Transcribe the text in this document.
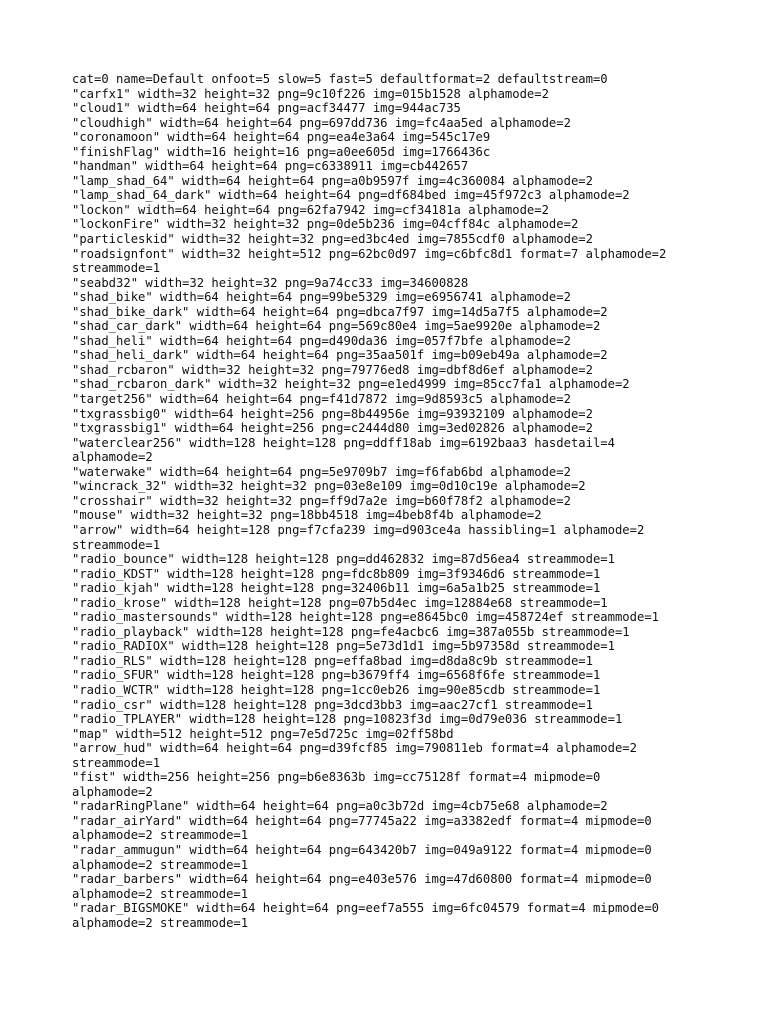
cat=0 name=Default onfoot=5 slow=5 fast=5 defaultformat=2 defaultstream=0
"carfx1" width=32 height=32 png=9c10f226 img=015b1528 alphamode=2
"cloud1" width=64 height=64 png=acf34477 img=944ac735
"cloudhigh" width=64 height=64 png=697dd736 img=fc4aa5ed alphamode=2
"coronamoon" width=64 height=64 png=ea4e3a64 img=545c17e9
"finishFlag" width=16 height=16 png=a0ee605d img=1766436c
"handman" width=64 height=64 png=c6338911 img=cb442657
"lamp_shad_64" width=64 height=64 png=a0b9597f img=4c360084 alphamode=2
"lamp_shad_64_dark" width=64 height=64 png=df684bed img=45f972c3 alphamode=2
"lockon" width=64 height=64 png=62fa7942 img=cf34181a alphamode=2
"lockonFire" width=32 height=32 png=0de5b236 img=04cff84c alphamode=2
"particleskid" width=32 height=32 png=ed3bc4ed img=7855cdf0 alphamode=2
"roadsignfont" width=32 height=512 png=62bc0d97 img=c6bfc8d1 format=7 alphamode=2
streammode=1
"seabd32" width=32 height=32 png=9a74cc33 img=34600828
"shad_bike" width=64 height=64 png=99be5329 img=e6956741 alphamode=2
"shad_bike_dark" width=64 height=64 png=dbca7f97 img=14d5a7f5 alphamode=2
"shad_car_dark" width=64 height=64 png=569c80e4 img=5ae9920e alphamode=2
"shad_heli" width=64 height=64 png=d490da36 img=057f7bfe alphamode=2
"shad_heli_dark" width=64 height=64 png=35aa501f img=b09eb49a alphamode=2
"shad_rcbaron" width=32 height=32 png=79776ed8 img=dbf8d6ef alphamode=2
"shad_rcbaron_dark" width=32 height=32 png=e1ed4999 img=85cc7fa1 alphamode=2
"target256" width=64 height=64 png=f41d7872 img=9d8593c5 alphamode=2
"txgrassbig0" width=64 height=256 png=8b44956e img=93932109 alphamode=2
"txgrassbig1" width=64 height=256 png=c2444d80 img=3ed02826 alphamode=2
"waterclear256" width=128 height=128 png=ddff18ab img=6192baa3 hasdetail=4
alphamode=2
"waterwake" width=64 height=64 png=5e9709b7 img=f6fab6bd alphamode=2
"wincrack_32" width=32 height=32 png=03e8e109 img=0d10c19e alphamode=2
"crosshair" width=32 height=32 png=ff9d7a2e img=b60f78f2 alphamode=2
"mouse" width=32 height=32 png=18bb4518 img=4beb8f4b alphamode=2
"arrow" width=64 height=128 png=f7cfa239 img=d903ce4a hassibling=1 alphamode=2
streammode=1
"radio_bounce" width=128 height=128 png=dd462832 img=87d56ea4 streammode=1
"radio_KDST" width=128 height=128 png=fdc8b809 img=3f9346d6 streammode=1
"radio_kjah" width=128 height=128 png=32406b11 img=6a5a1b25 streammode=1
"radio_krose" width=128 height=128 png=07b5d4ec img=12884e68 streammode=1
"radio_mastersounds" width=128 height=128 png=e8645bc0 img=458724ef streammode=1
"radio_playback" width=128 height=128 png=fe4acbc6 img=387a055b streammode=1
"radio_RADIOX" width=128 height=128 png=5e73d1d1 img=5b97358d streammode=1
"radio_RLS" width=128 height=128 png=effa8bad img=d8da8c9b streammode=1
"radio_SFUR" width=128 height=128 png=b3679ff4 img=6568f6fe streammode=1
"radio_WCTR" width=128 height=128 png=1cc0eb26 img=90e85cdb streammode=1
"radio_csr" width=128 height=128 png=3dcd3bb3 img=aac27cf1 streammode=1
"radio_TPLAYER" width=128 height=128 png=10823f3d img=0d79e036 streammode=1
"map" width=512 height=512 png=7e5d725c img=02ff58bd
"arrow_hud" width=64 height=64 png=d39fcf85 img=790811eb format=4 alphamode=2
streammode=1
"fist" width=256 height=256 png=b6e8363b img=cc75128f format=4 mipmode=0
alphamode=2
"radarRingPlane" width=64 height=64 png=a0c3b72d img=4cb75e68 alphamode=2
"radar_airYard" width=64 height=64 png=77745a22 img=a3382edf format=4 mipmode=0
alphamode=2 streammode=1
"radar_ammugun" width=64 height=64 png=643420b7 img=049a9122 format=4 mipmode=0
alphamode=2 streammode=1
"radar_barbers" width=64 height=64 png=e403e576 img=47d60800 format=4 mipmode=0
alphamode=2 streammode=1
"radar_BIGSMOKE" width=64 height=64 png=eef7a555 img=6fc04579 format=4 mipmode=0
alphamode=2 streammode=1
